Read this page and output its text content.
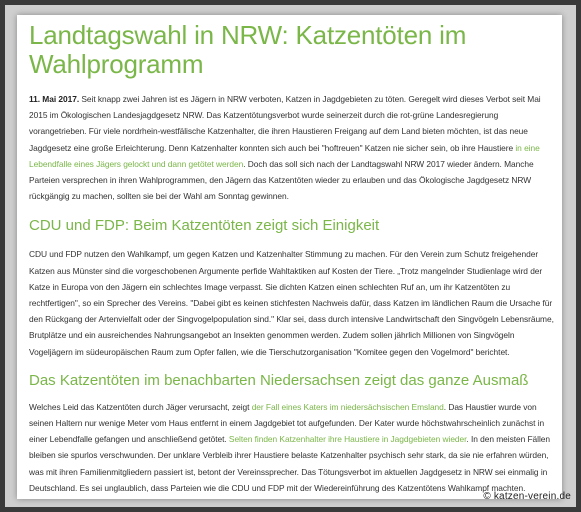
Landtagswahl in NRW: Katzentöten im Wahlprogramm

11. Mai 2017. Seit knapp zwei Jahren ist es Jägern in NRW verboten, Katzen in Jagdgebieten zu töten. Geregelt wird dieses Verbot seit Mai 2015 im Ökologischen Landesjagdgesetz NRW. Das Katzentötungsverbot wurde seinerzeit durch die rot-grüne Landesregierung vorangetrieben. Für viele nordrhein-westfälische Katzenhalter, die ihren Haustieren Freigang auf dem Land bieten möchten, ist das neue Jagdgesetz eine große Erleichterung. Denn Katzenhalter konnten sich auch bei "hoftreuen" Katzen nie sicher sein, ob ihre Haustiere in eine Lebendfalle eines Jägers gelockt und dann getötet werden. Doch das soll sich nach der Landtagswahl NRW 2017 wieder ändern. Manche Parteien versprechen in ihren Wahlprogrammen, den Jägern das Katzentöten wieder zu erlauben und das Ökologische Jagdgesetz NRW rückgängig zu machen, sollten sie bei der Wahl am Sonntag gewinnen.

CDU und FDP: Beim Katzentöten zeigt sich Einigkeit

CDU und FDP nutzen den Wahlkampf, um gegen Katzen und Katzenhalter Stimmung zu machen. Für den Verein zum Schutz freigehender Katzen aus Münster sind die vorgeschobenen Argumente perfide Wahltaktiken auf Kosten der Tiere. „Trotz mangelnder Studienlage wird der Katze in Europa von den Jägern ein schlechtes Image verpasst. Sie dichten Katzen einen schlechten Ruf an, um ihr Katzentöten zu rechtfertigen", so ein Sprecher des Vereins. "Dabei gibt es keinen stichfesten Nachweis dafür, dass Katzen im ländlichen Raum die Ursache für den Rückgang der Artenvielfalt oder der Singvogelpopulation sind." Klar sei, dass durch intensive Landwirtschaft den Singvögeln Lebensräume, Brutplätze und ein ausreichendes Nahrungsangebot an Insekten genommen werden. Zudem sollen jährlich Millionen von Singvögeln Vogeljägern im südeuropäischen Raum zum Opfer fallen, wie die Tierschutzorganisation "Komitee gegen den Vogelmord" berichtet.

Das Katzentöten im benachbarten Niedersachsen zeigt das ganze Ausmaß

Welches Leid das Katzentöten durch Jäger verursacht, zeigt der Fall eines Katers im niedersächsischen Emsland. Das Haustier wurde von seinen Haltern nur wenige Meter vom Haus entfernt in einem Jagdgebiet tot aufgefunden. Der Kater wurde höchstwahrscheinlich zunächst in einer Lebendfalle gefangen und anschließend getötet. Selten finden Katzenhalter ihre Haustiere in Jagdgebieten wieder. In den meisten Fällen bleiben sie spurlos verschwunden. Der unklare Verbleib ihrer Haustiere belaste Katzenhalter psychisch sehr stark, da sie nie erfahren würden, was mit ihren Familienmitgliedern passiert ist, betont der Vereinssprecher. Das Tötungsverbot im aktuellen Jagdgesetz in NRW sei einmalig in Deutschland. Es sei unglaublich, dass Parteien wie die CDU und FDP mit der Wiedereinführung des Katzentötens Wahlkampf machten.

© katzen-verein.de
